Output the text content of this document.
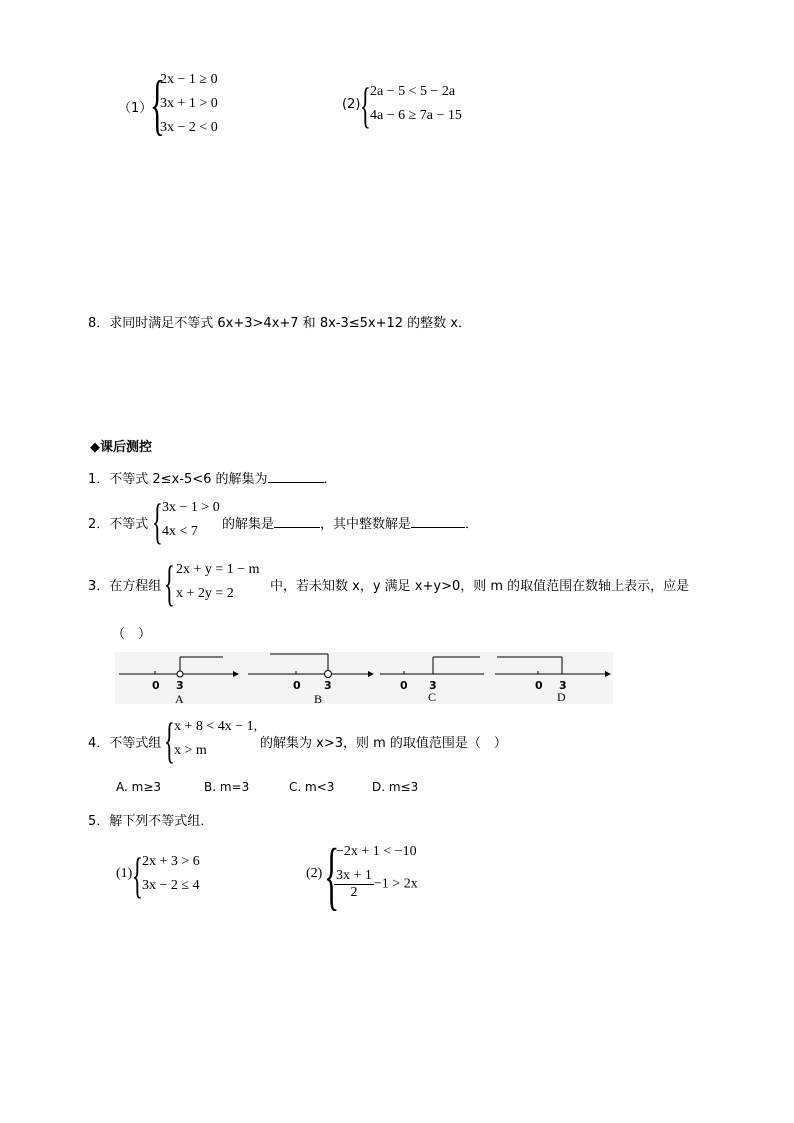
（1）
{
2x − 1 ≥ 0
3x + 1 > 0
3x − 2 < 0
(2) { 2a − 5 < 5 − 2a
4a − 6 ≥ 7a − 15
8．求同时满足不等式 6x+3>4x+7 和 8x-3≤5x+12 的整数 x．
◆课后测控
1．不等式 2≤x-5<6 的解集为	．
2．不等式 { 3x − 1 > 0
4x < 7 的解集是	，其中整数解是	．
3．在方程组 { 2x + y = 1 − m
x + 2y = 2	中，若未知数 x，y 满足 x+y>0，则 m 的取值范围在数轴上表示，应是
（　）
0 3
A
0 3
B
0 3
C
0 3
D
4．不等式组 { x + 8 < 4x − 1,
x > m	的解集为 x>3，则 m 的取值范围是（　）
A. m≥3	B. m=3	C. m<3	D. m≤3
5．解下列不等式组．
(1) { 2x + 3 > 6
3x − 2 ≤ 4
(2) {
−2x + 1 < −10
$\frac{3x + 1}{2} -1 > 2x$
